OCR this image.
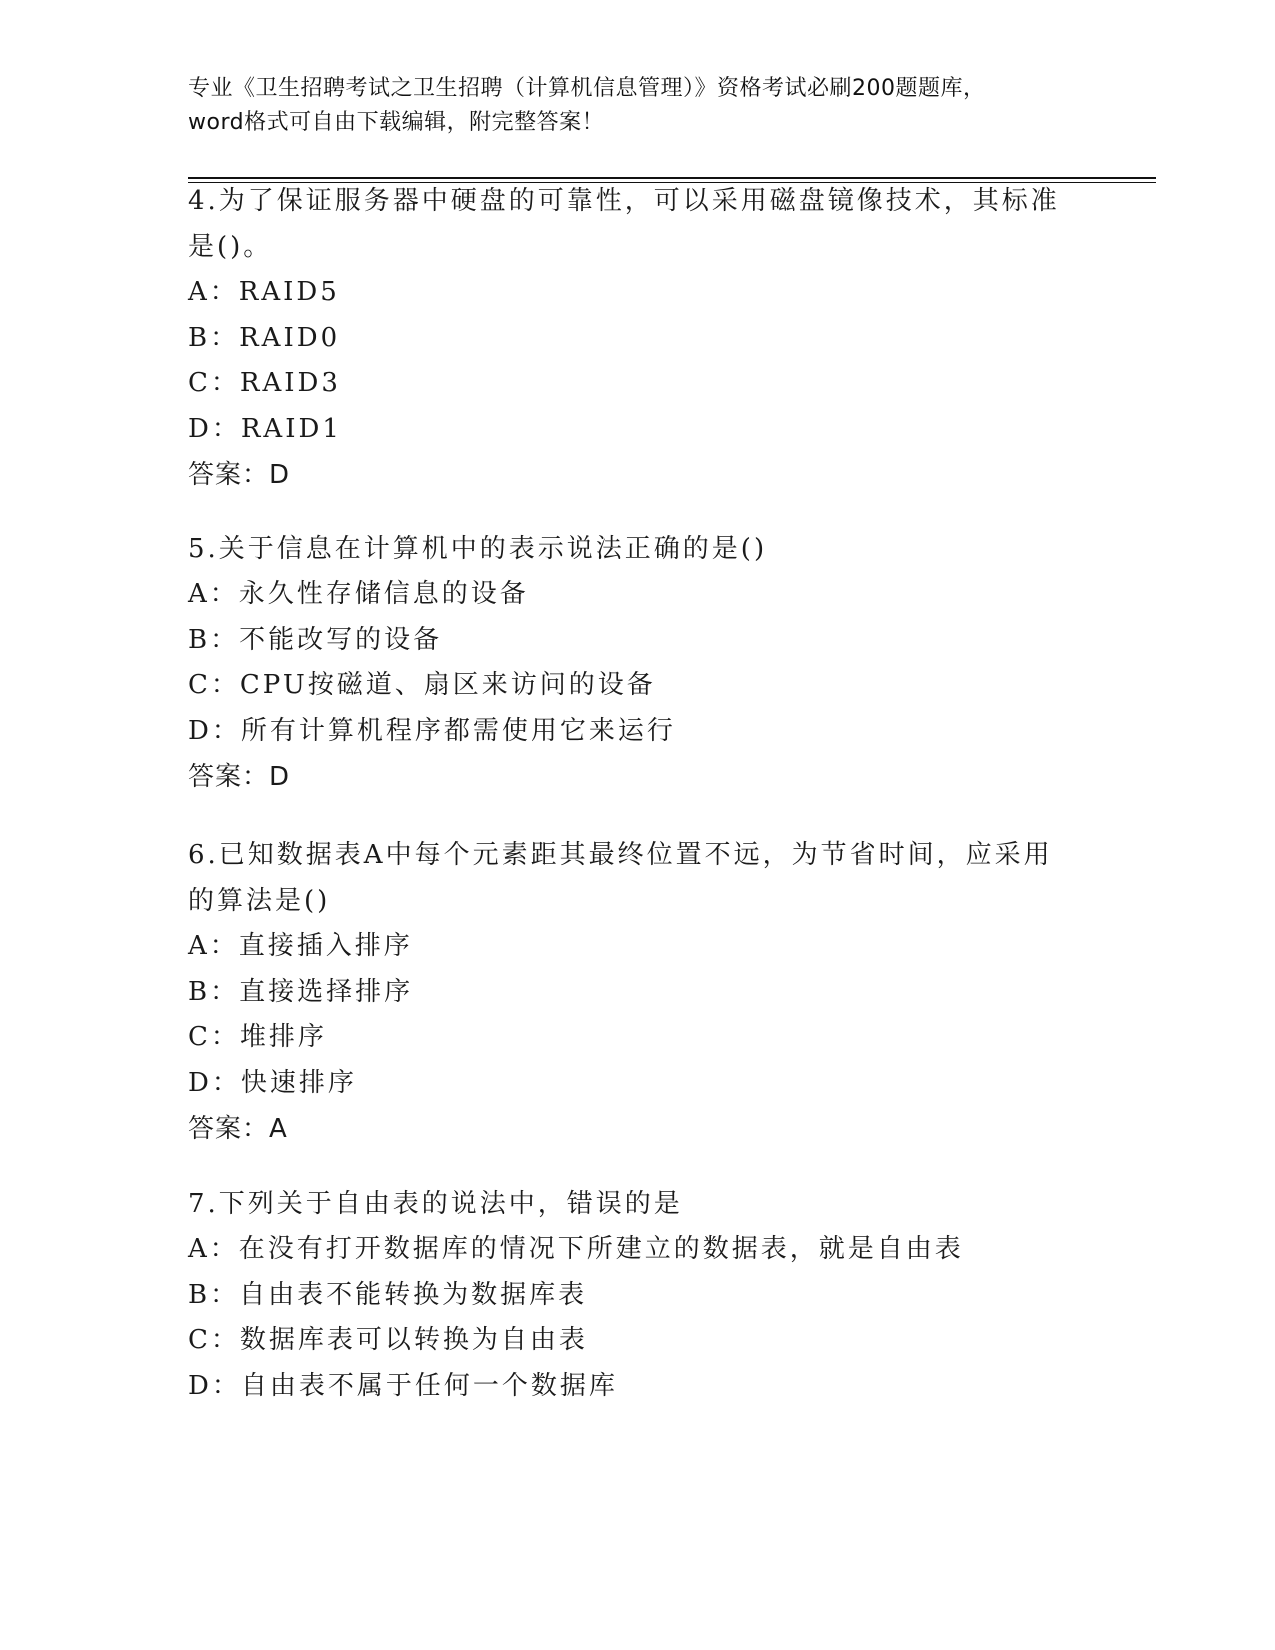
专业《卫生招聘考试之卫生招聘（计算机信息管理）》资格考试必刷200题题库，
word格式可自由下载编辑，附完整答案！
4.为了保证服务器中硬盘的可靠性，可以采用磁盘镜像技术，其标准
是()。
A：RAID5
B：RAID0
C：RAID3
D：RAID1
答案：D
5.关于信息在计算机中的表示说法正确的是()
A：永久性存储信息的设备
B：不能改写的设备
C：CPU按磁道、扇区来访问的设备
D：所有计算机程序都需使用它来运行
答案：D
6.已知数据表A中每个元素距其最终位置不远，为节省时间，应采用
的算法是()
A：直接插入排序
B：直接选择排序
C：堆排序
D：快速排序
答案：A
7.下列关于自由表的说法中，错误的是
A：在没有打开数据库的情况下所建立的数据表，就是自由表
B：自由表不能转换为数据库表
C：数据库表可以转换为自由表
D：自由表不属于任何一个数据库
